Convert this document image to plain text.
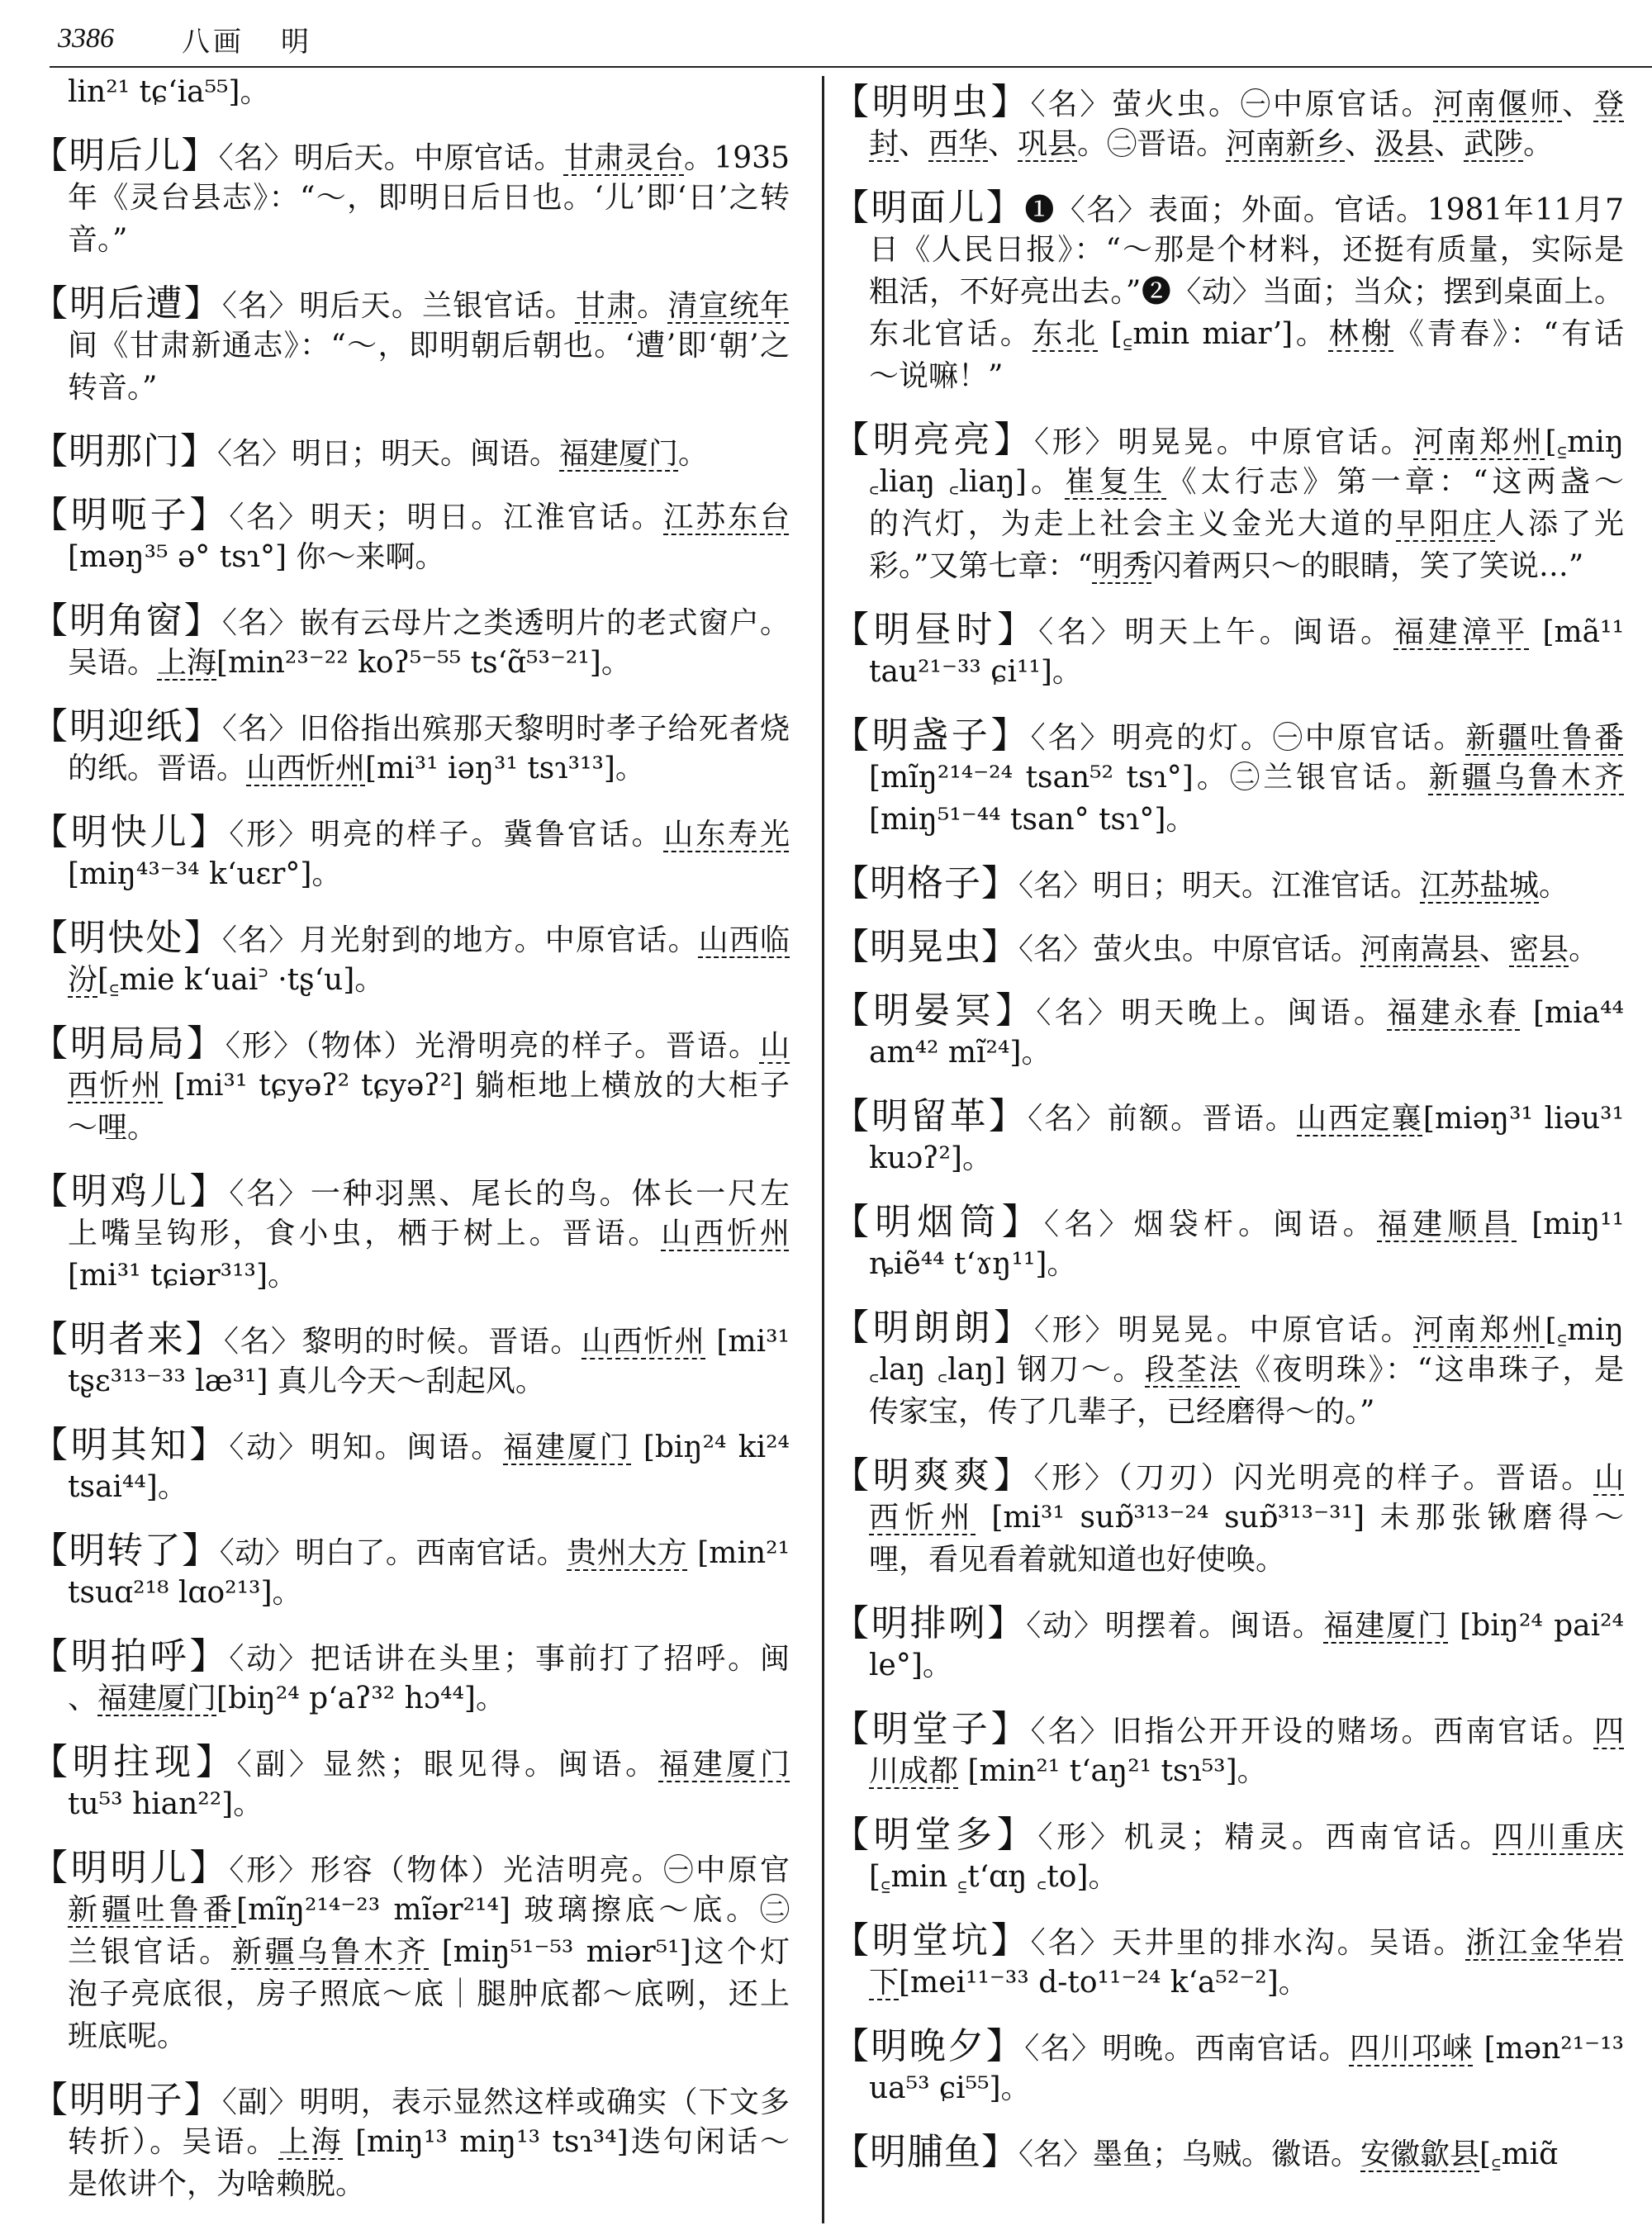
3386	八画	明
lin²¹ tɕʻia⁵⁵]。
【明后儿】〈名〉明后天。中原官话。甘肃灵台。1935
年《灵台县志》：“～，即明日后日也。‘儿’即‘日’之转
音。”
【明后遭】〈名〉明后天。兰银官话。甘肃。清宣统年
间《甘肃新通志》：“～，即明朝后朝也。‘遭’即‘朝’之
转音。”
【明那门】〈名〉明日；明天。闽语。福建厦门。
【明呃子】〈名〉明天；明日。江淮官话。江苏东台
[məŋ³⁵ ə° tsɿ°] 你～来啊。
【明角窗】〈名〉嵌有云母片之类透明片的老式窗户。
吴语。上海[min²³⁻²² koʔ⁵⁻⁵⁵ tsʻɑ̃⁵³⁻²¹]。
【明迎纸】〈名〉旧俗指出殡那天黎明时孝子给死者烧
的纸。晋语。山西忻州[mi³¹ iəŋ³¹ tsɿ³¹³]。
【明快儿】〈形〉明亮的样子。冀鲁官话。山东寿光
[miŋ⁴³⁻³⁴ kʻuɛr°]。
【明快处】〈名〉月光射到的地方。中原官话。山西临
汾[꜁mie kʻuai꜄ ·tʂʻu]。
【明局局】〈形〉（物体）光滑明亮的样子。晋语。山
西忻州 [mi³¹ tɕyəʔ² tɕyəʔ²] 躺柜地上横放的大柜子
～哩。
【明鸡儿】〈名〉一种羽黑、尾长的鸟。体长一尺左
上嘴呈钩形，食小虫，栖于树上。晋语。山西忻州
[mi³¹ tɕiər³¹³]。
【明者来】〈名〉黎明的时候。晋语。山西忻州 [mi³¹
tʂɛ³¹³⁻³³ læ³¹] 真儿今天～刮起风。
【明其知】〈动〉明知。闽语。福建厦门 [biŋ²⁴ ki²⁴
tsai⁴⁴]。
【明转了】〈动〉明白了。西南官话。贵州大方 [min²¹
tsuɑ²¹⁸ lɑo²¹³]。
【明拍呼】〈动〉把话讲在头里；事前打了招呼。闽
、福建厦门[biŋ²⁴ pʻaʔ³² hɔ⁴⁴]。
【明拄现】〈副〉显然；眼见得。闽语。福建厦门
tu⁵³ hian²²]。
【明明儿】〈形〉形容（物体）光洁明亮。㊀中原官
新疆吐鲁番[mĩŋ²¹⁴⁻²³ mĩər²¹⁴] 玻璃擦底～底。㊁
兰银官话。新疆乌鲁木齐 [miŋ⁵¹⁻⁵³ miər⁵¹]这个灯
泡子亮底很，房子照底～底｜腿肿底都～底咧，还上
班底呢。
【明明子】〈副〉明明，表示显然这样或确实（下文多
转折）。吴语。上海 [miŋ¹³ miŋ¹³ tsɿ³⁴]迭句闲话～
是侬讲个，为啥赖脱。
【明明虫】〈名〉萤火虫。㊀中原官话。河南偃师、登
封、西华、巩县。㊁晋语。河南新乡、汲县、武陟。
【明面儿】❶〈名〉表面；外面。官话。1981年11月7
日《人民日报》：“～那是个材料，还挺有质量，实际是
粗活，不好亮出去。”❷〈动〉当面；当众；摆到桌面上。
东北官话。东北 [꜁min miarʼ]。林榭《青春》：“有话
～说嘛！”
【明亮亮】〈形〉明晃晃。中原官话。河南郑州[꜁miŋ
꜀liaŋ ꜀liaŋ]。崔复生《太行志》第一章：“这两盏～
的汽灯，为走上社会主义金光大道的早阳庄人添了光
彩。”又第七章：“明秀闪着两只～的眼睛，笑了笑说…”
【明昼时】〈名〉明天上午。闽语。福建漳平 [mã¹¹
tau²¹⁻³³ ɕi¹¹]。
【明盏子】〈名〉明亮的灯。㊀中原官话。新疆吐鲁番
[mĩŋ²¹⁴⁻²⁴ tsan⁵² tsɿ°]。㊁兰银官话。新疆乌鲁木齐
[miŋ⁵¹⁻⁴⁴ tsan° tsɿ°]。
【明格子】〈名〉明日；明天。江淮官话。江苏盐城。
【明晃虫】〈名〉萤火虫。中原官话。河南嵩县、密县。
【明晏冥】〈名〉明天晚上。闽语。福建永春 [mia⁴⁴
am⁴² mĩ²⁴]。
【明留革】〈名〉前额。晋语。山西定襄[miəŋ³¹ liəu³¹
kuɔʔ²]。
【明烟筒】〈名〉烟袋杆。闽语。福建顺昌 [miŋ¹¹
ȵiẽ⁴⁴ tʻɤŋ¹¹]。
【明朗朗】〈形〉明晃晃。中原官话。河南郑州[꜁miŋ
꜀laŋ ꜀laŋ] 钢刀～。段荃法《夜明珠》：“这串珠子，是
传家宝，传了几辈子，已经磨得～的。”
【明爽爽】〈形〉（刀刃）闪光明亮的样子。晋语。山
西忻州 [mi³¹ suɒ̃³¹³⁻²⁴ suɒ̃³¹³⁻³¹] 未那张锹磨得～
哩，看见看着就知道也好使唤。
【明排咧】〈动〉明摆着。闽语。福建厦门 [biŋ²⁴ pai²⁴
le°]。
【明堂子】〈名〉旧指公开开设的赌场。西南官话。四
川成都 [min²¹ tʻaŋ²¹ tsɿ⁵³]。
【明堂多】〈形〉机灵；精灵。西南官话。四川重庆
[꜁min ꜁tʻɑŋ ꜀to]。
【明堂坑】〈名〉天井里的排水沟。吴语。浙江金华岩
下[mei¹¹⁻³³ d-to¹¹⁻²⁴ kʻa⁵²⁻²]。
【明晚夕】〈名〉明晚。西南官话。四川邛崃 [mən²¹⁻¹³
ua⁵³ ɕi⁵⁵]。
【明脯鱼】〈名〉墨鱼；乌贼。徽语。安徽歙县[꜁miɑ̃
